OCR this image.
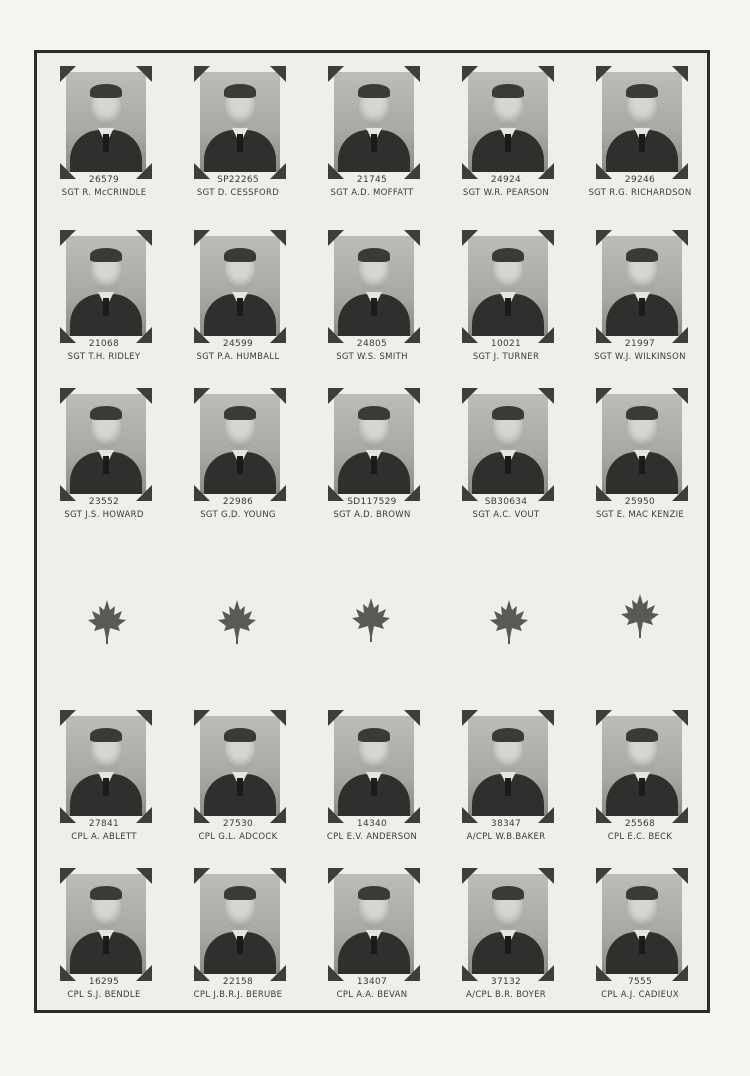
26579
SGT R. McCRINDLE
SP22265
SGT D. CESSFORD
21745
SGT A.D. MOFFATT
24924
SGT W.R. PEARSON
29246
SGT R.G. RICHARDSON
21068
SGT T.H. RIDLEY
24599
SGT P.A. HUMBALL
24805
SGT W.S. SMITH
10021
SGT J. TURNER
21997
SGT W.J. WILKINSON
23552
SGT J.S. HOWARD
22986
SGT G.D. YOUNG
SD117529
SGT A.D. BROWN
SB30634
SGT A.C. VOUT
25950
SGT E. MAC KENZIE
27841
CPL A. ABLETT
27530
CPL G.L. ADCOCK
14340
CPL E.V. ANDERSON
38347
A/CPL W.B.BAKER
25568
CPL E.C. BECK
16295
CPL S.J. BENDLE
22158
CPL J.B.R.J. BERUBE
13407
CPL A.A. BEVAN
37132
A/CPL B.R. BOYER
7555
CPL A.J. CADIEUX
